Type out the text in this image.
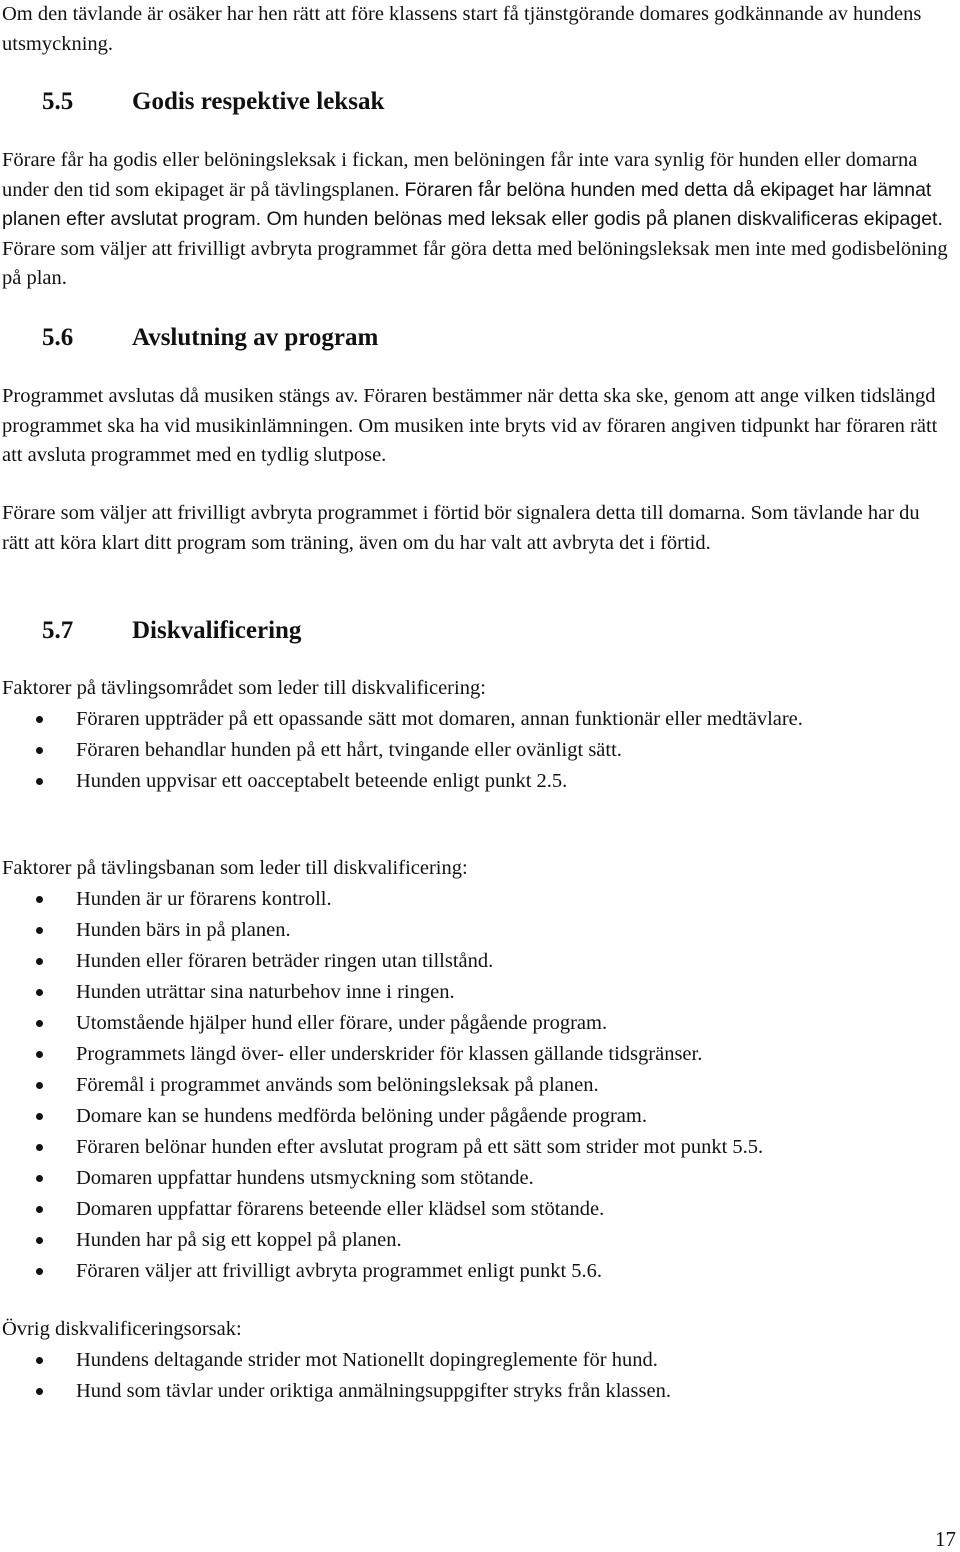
Om den tävlande är osäker har hen rätt att före klassens start få tjänstgörande domares godkännande av hundens utsmyckning.

5.5 Godis respektive leksak

Förare får ha godis eller belöningsleksak i fickan, men belöningen får inte vara synlig för hunden eller domarna under den tid som ekipaget är på tävlingsplanen. Föraren får belöna hunden med detta då ekipaget har lämnat planen efter avslutat program. Om hunden belönas med leksak eller godis på planen diskvalificeras ekipaget. Förare som väljer att frivilligt avbryta programmet får göra detta med belöningsleksak men inte med godisbelöning på plan.

5.6 Avslutning av program

Programmet avslutas då musiken stängs av. Föraren bestämmer när detta ska ske, genom att ange vilken tidslängd programmet ska ha vid musikinlämningen. Om musiken inte bryts vid av föraren angiven tidpunkt har föraren rätt att avsluta programmet med en tydlig slutpose.

Förare som väljer att frivilligt avbryta programmet i förtid bör signalera detta till domarna. Som tävlande har du rätt att köra klart ditt program som träning, även om du har valt att avbryta det i förtid.

5.7 Diskvalificering

Faktorer på tävlingsområdet som leder till diskvalificering:

Föraren uppträder på ett opassande sätt mot domaren, annan funktionär eller medtävlare.
Föraren behandlar hunden på ett hårt, tvingande eller ovänligt sätt.
Hunden uppvisar ett oacceptabelt beteende enligt punkt 2.5.

Faktorer på tävlingsbanan som leder till diskvalificering:

Hunden är ur förarens kontroll.
Hunden bärs in på planen.
Hunden eller föraren beträder ringen utan tillstånd.
Hunden uträttar sina naturbehov inne i ringen.
Utomstående hjälper hund eller förare, under pågående program.
Programmets längd över- eller underskrider för klassen gällande tidsgränser.
Föremål i programmet används som belöningsleksak på planen.
Domare kan se hundens medförda belöning under pågående program.
Föraren belönar hunden efter avslutat program på ett sätt som strider mot punkt 5.5.
Domaren uppfattar hundens utsmyckning som stötande.
Domaren uppfattar förarens beteende eller klädsel som stötande.
Hunden har på sig ett koppel på planen.
Föraren väljer att frivilligt avbryta programmet enligt punkt 5.6.

Övrig diskvalificeringsorsak:

Hundens deltagande strider mot Nationellt dopingreglemente för hund.
Hund som tävlar under oriktiga anmälningsuppgifter stryks från klassen.
17
